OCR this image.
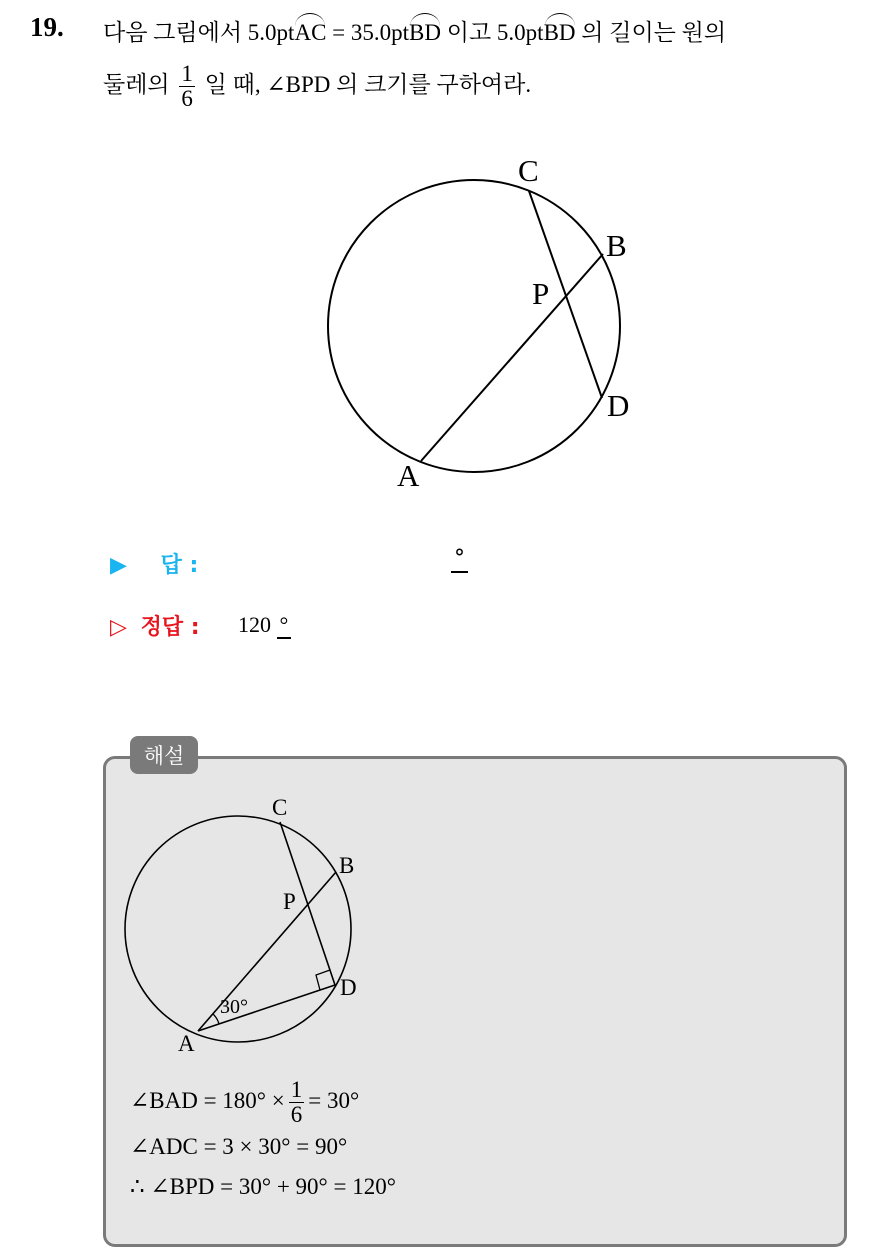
19. 다음 그림에서 5.0ptAC = 35.0ptBD 이고 5.0ptBD 의 길이는 원의
둘레의 $\frac{1}{6}$ 일 때, ∠BPD 의 크기를 구하여라.
A
B
C
D
P
▶ 답 :	°
▷ 정답 : 120 °
해설
A
B
C
D
P
30°
∠BAD = $180^\circ \times \frac{1}{6} = 30^\circ$
∠ADC = 3 × 30° = 90°
∴ ∠BPD = 30° + 90° = 120°
